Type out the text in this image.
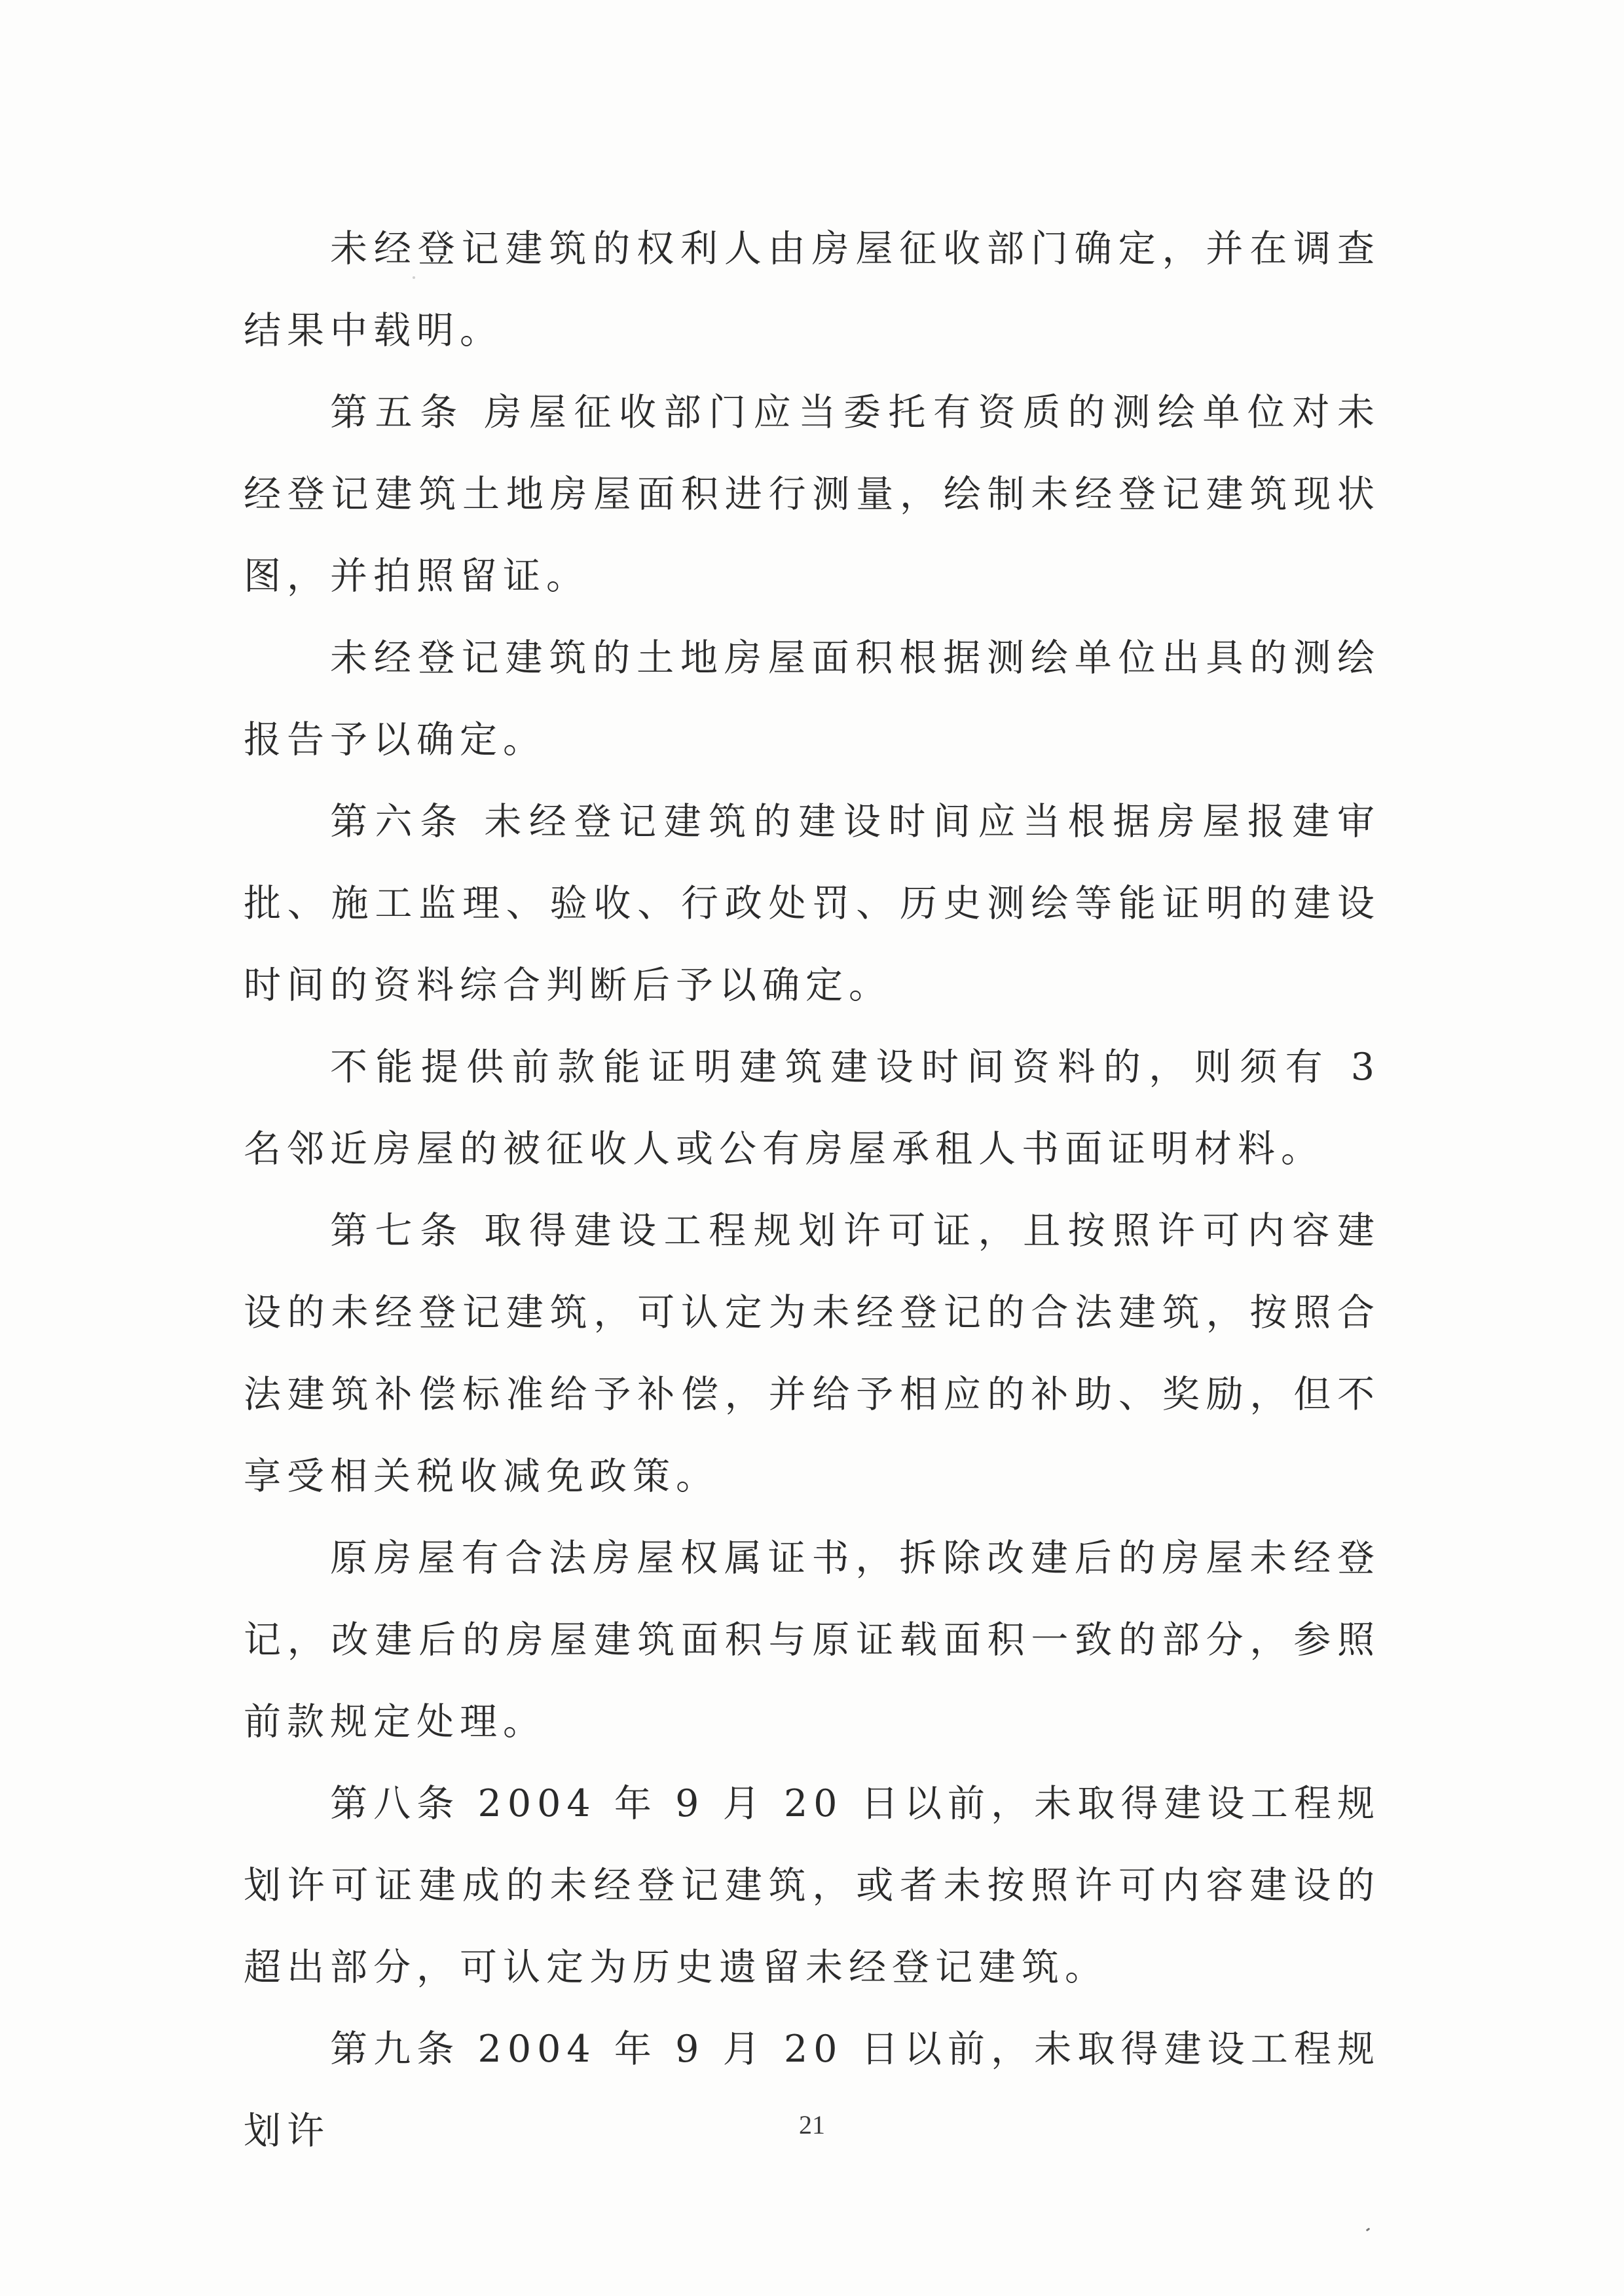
未经登记建筑的权利人由房屋征收部门确定，并在调查结果中载明。

第五条 房屋征收部门应当委托有资质的测绘单位对未经登记建筑土地房屋面积进行测量，绘制未经登记建筑现状图，并拍照留证。

未经登记建筑的土地房屋面积根据测绘单位出具的测绘报告予以确定。

第六条 未经登记建筑的建设时间应当根据房屋报建审批、施工监理、验收、行政处罚、历史测绘等能证明的建设时间的资料综合判断后予以确定。

不能提供前款能证明建筑建设时间资料的，则须有 3 名邻近房屋的被征收人或公有房屋承租人书面证明材料。

第七条 取得建设工程规划许可证，且按照许可内容建设的未经登记建筑，可认定为未经登记的合法建筑，按照合法建筑补偿标准给予补偿，并给予相应的补助、奖励，但不享受相关税收减免政策。

原房屋有合法房屋权属证书，拆除改建后的房屋未经登记，改建后的房屋建筑面积与原证载面积一致的部分，参照前款规定处理。

第八条 2004 年 9 月 20 日以前，未取得建设工程规划许可证建成的未经登记建筑，或者未按照许可内容建设的超出部分，可认定为历史遗留未经登记建筑。

第九条 2004 年 9 月 20 日以前，未取得建设工程规划许	21
